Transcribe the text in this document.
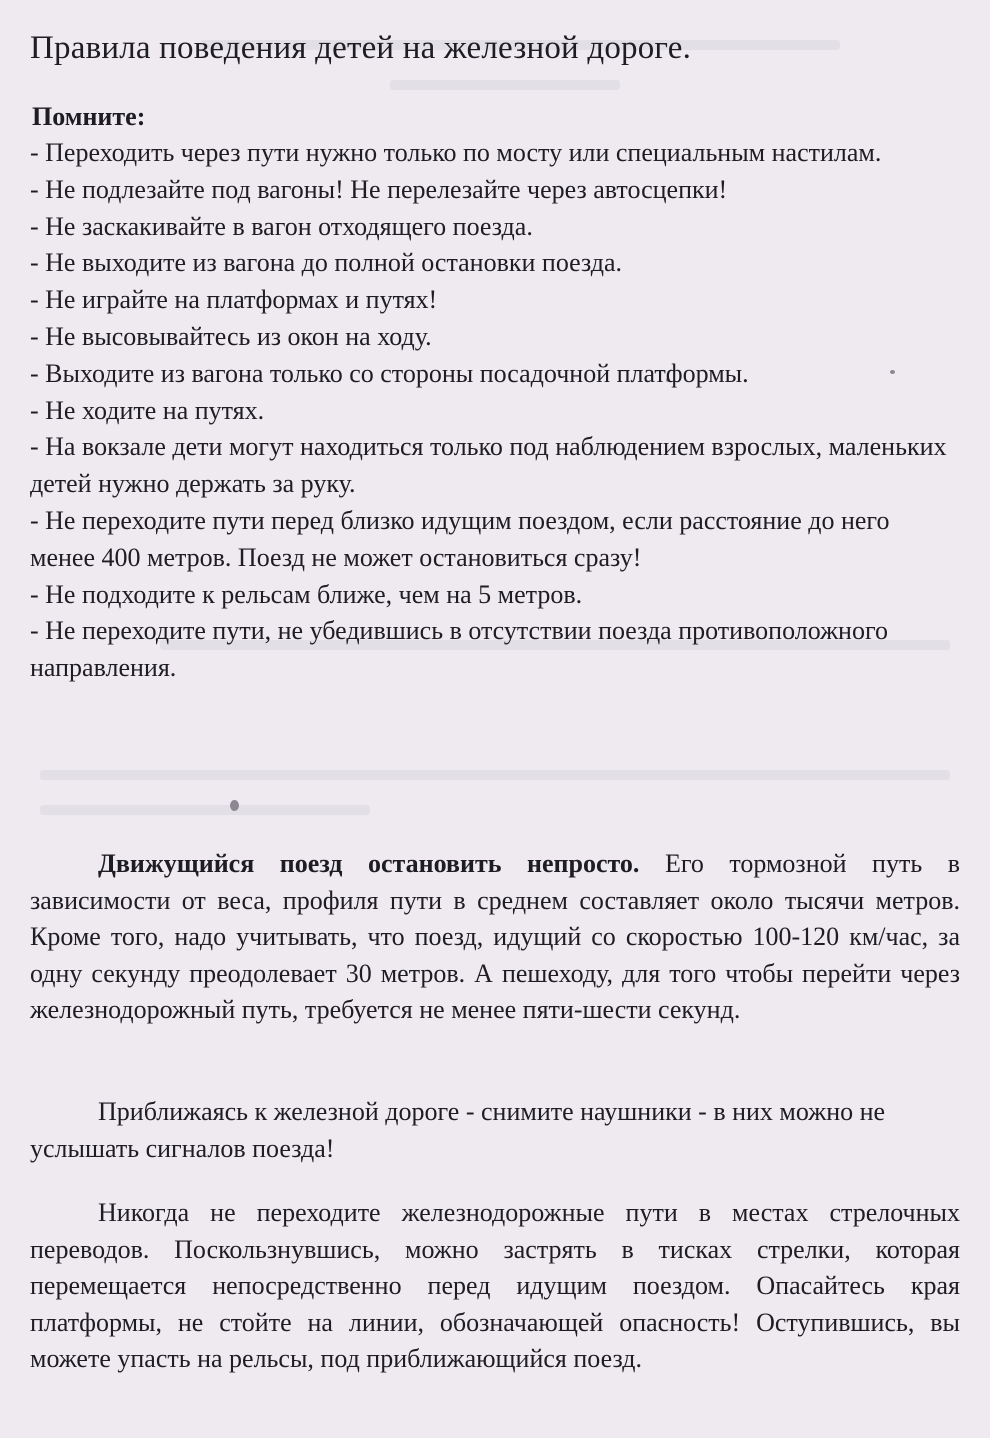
Правила поведения детей на железной дороге.
Помните:
- Переходить через пути нужно только по мосту или специальным настилам.
- Не подлезайте под вагоны! Не перелезайте через автосцепки!
- Не заскакивайте в вагон отходящего поезда.
- Не выходите из вагона до полной остановки поезда.
- Не играйте на платформах и путях!
- Не высовывайтесь из окон на ходу.
- Выходите из вагона только со стороны посадочной платформы.
- Не ходите на путях.
- На вокзале дети могут находиться только под наблюдением взрослых, маленьких детей нужно держать за руку.
- Не переходите пути перед близко идущим поездом, если расстояние до него менее 400 метров. Поезд не может остановиться сразу!
- Не подходите к рельсам ближе, чем на 5 метров.
- Не переходите пути, не убедившись в отсутствии поезда противоположного направления.

Движущийся поезд остановить непросто. Его тормозной путь в зависимости от веса, профиля пути в среднем составляет около тысячи метров. Кроме того, надо учитывать, что поезд, идущий со скоростью 100-120 км/час, за одну секунду преодолевает 30 метров. А пешеходу, для того чтобы перейти через железнодорожный путь, требуется не менее пяти-шести секунд.

Приближаясь к железной дороге - снимите наушники - в них можно не услышать сигналов поезда!

Никогда не переходите железнодорожные пути в местах стрелочных переводов. Поскользнувшись, можно застрять в тисках стрелки, которая перемещается непосредственно перед идущим поездом. Опасайтесь края платформы, не стойте на линии, обозначающей опасность! Оступившись, вы можете упасть на рельсы, под приближающийся поезд.
